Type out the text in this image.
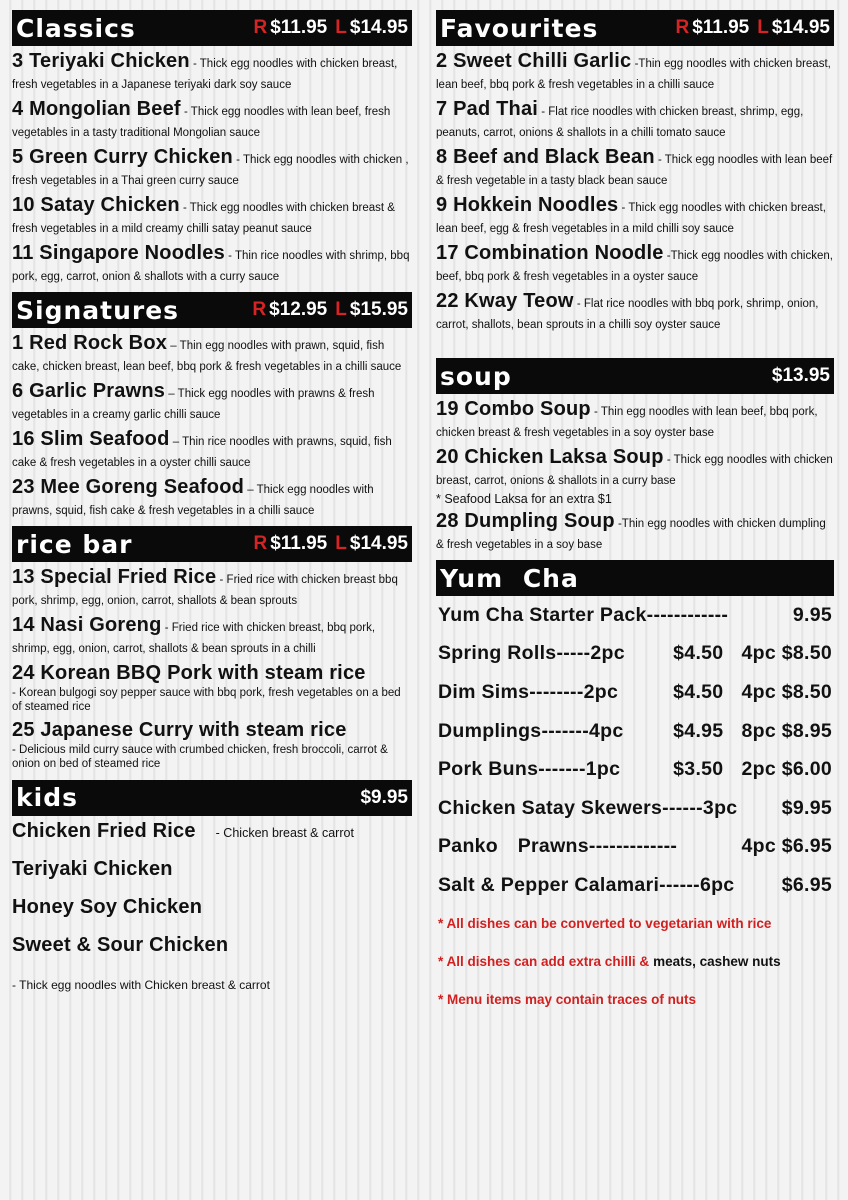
Classics	R $11.95 L $14.95
3 Teriyaki Chicken - Thick egg noodles with chicken breast, fresh vegetables in a Japanese teriyaki dark soy sauce
4 Mongolian Beef - Thick egg noodles with lean beef, fresh vegetables in a tasty traditional Mongolian sauce
5 Green Curry Chicken - Thick egg noodles with chicken , fresh vegetables in a Thai green curry sauce
10 Satay Chicken - Thick egg noodles with chicken breast & fresh vegetables in a mild creamy chilli satay peanut sauce
11 Singapore Noodles - Thin rice noodles with shrimp, bbq pork, egg, carrot, onion & shallots with a curry sauce
Signatures	R $12.95 L $15.95
1 Red Rock Box – Thin egg noodles with prawn, squid, fish cake, chicken breast, lean beef, bbq pork & fresh vegetables in a chilli sauce
6 Garlic Prawns – Thick egg noodles with prawns & fresh vegetables in a creamy garlic chilli sauce
16 Slim Seafood – Thin rice noodles with prawns, squid, fish cake & fresh vegetables in a oyster chilli sauce
23 Mee Goreng Seafood – Thick egg noodles with prawns, squid, fish cake & fresh vegetables in a chilli sauce
rice bar	R $11.95 L $14.95
13 Special Fried Rice - Fried rice with chicken breast bbq pork, shrimp, egg, onion, carrot, shallots & bean sprouts
14 Nasi Goreng - Fried rice with chicken breast, bbq pork, shrimp, egg, onion, carrot, shallots & bean sprouts in a chilli
24 Korean BBQ Pork with steam rice
- Korean bulgogi soy pepper sauce with bbq pork, fresh vegetables on a bed of steamed rice
25 Japanese Curry with steam rice
- Delicious mild curry sauce with crumbed chicken, fresh broccoli, carrot & onion on bed of steamed rice
kids	$9.95
Chicken Fried Rice - Chicken breast & carrot
Teriyaki Chicken
Honey Soy Chicken
Sweet & Sour Chicken
- Thick egg noodles with Chicken breast & carrot
Favourites	R $11.95 L $14.95
2 Sweet Chilli Garlic -Thin egg noodles with chicken breast, lean beef, bbq pork & fresh vegetables in a chilli sauce
7 Pad Thai - Flat rice noodles with chicken breast, shrimp, egg, peanuts, carrot, onions & shallots in a chilli tomato sauce
8 Beef and Black Bean - Thick egg noodles with lean beef & fresh vegetable in a tasty black bean sauce
9 Hokkein Noodles - Thick egg noodles with chicken breast, lean beef, egg & fresh vegetables in a mild chilli soy sauce
17 Combination Noodle -Thick egg noodles with chicken, beef, bbq pork & fresh vegetables in a oyster sauce
22 Kway Teow - Flat rice noodles with bbq pork, shrimp, onion, carrot, shallots, bean sprouts in a chilli soy oyster sauce
soup	$13.95
19 Combo Soup - Thin egg noodles with lean beef, bbq pork, chicken breast & fresh vegetables in a soy oyster base
20 Chicken Laksa Soup - Thick egg noodles with chicken breast, carrot, onions & shallots in a curry base
* Seafood Laksa for an extra $1
28 Dumpling Soup -Thin egg noodles with chicken dumpling & fresh vegetables in a soy base
Yum Cha
Yum Cha Starter Pack------------	9.95
Spring Rolls-----2pc $4.50 4pc $8.50
Dim Sims--------2pc	$4.50 4pc $8.50
Dumplings-------4pc	$4.95 8pc $8.95
Pork Buns-------1pc	$3.50 2pc $6.00
Chicken Satay Skewers------3pc $9.95
Panko Prawns-------------	4pc $6.95
Salt & Pepper Calamari------6pc $6.95
* All dishes can be converted to vegetarian with rice
* All dishes can add extra chilli & meats, cashew nuts
* Menu items may contain traces of nuts
